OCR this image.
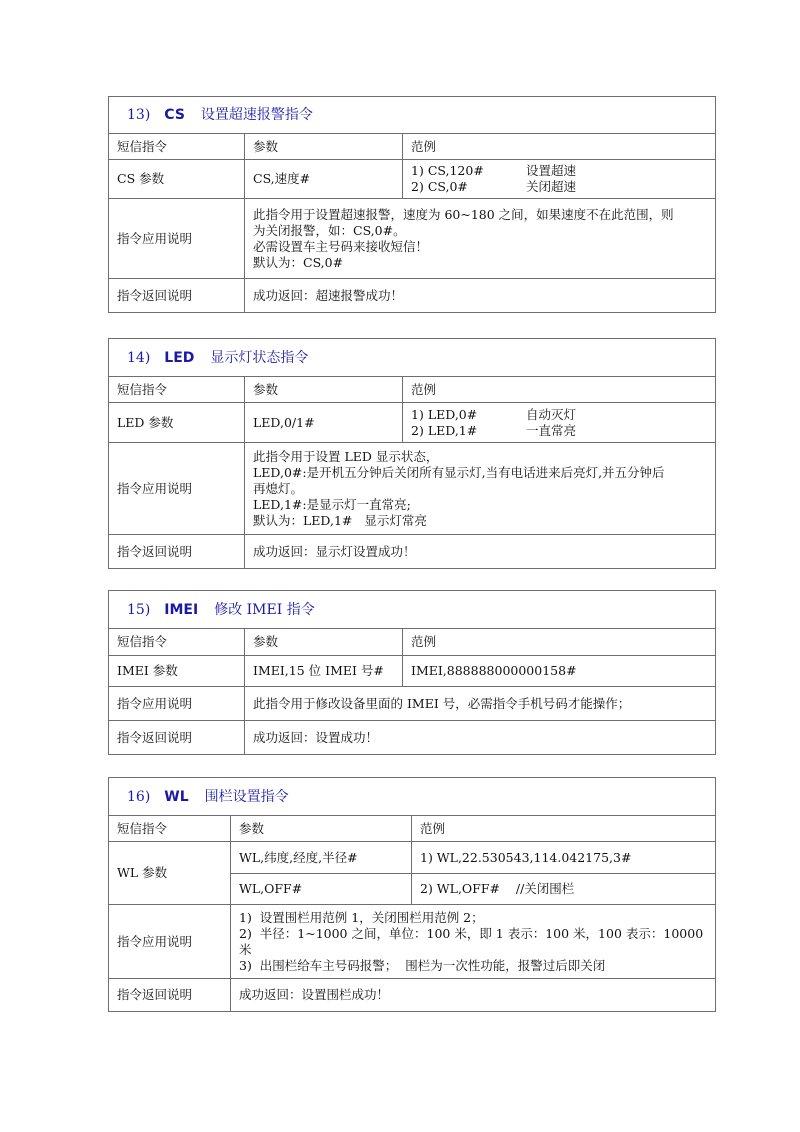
13) CS 设置超速报警指令		
短信指令	参数	范例
CS 参数	CS,速度#	1) CS,120# 设置超速
2) CS,0# 关闭超速

指令应用说明	此指令用于设置超速报警，速度为 60~180 之间，如果速度不在此范围，则
为关闭报警，如：CS,0#。
必需设置车主号码来接收短信！
默认为：CS,0#	

指令返回说明	成功返回：超速报警成功！	
14) LED 显示灯状态指令		
短信指令	参数	范例
LED 参数	LED,0/1#	1) LED,0# 自动灭灯
2) LED,1# 一直常亮

指令应用说明	此指令用于设置 LED 显示状态，
LED,0#:是开机五分钟后关闭所有显示灯,当有电话进来后亮灯,并五分钟后
再熄灯。
LED,1#:是显示灯一直常亮;
默认为：LED,1#   显示灯常亮	

指令返回说明	成功返回：显示灯设置成功！	
15) IMEI 修改 IMEI 指令		
短信指令	参数	范例
IMEI 参数	IMEI,15 位 IMEI 号#	IMEI,888888000000158#
指令应用说明	此指令用于修改设备里面的 IMEI 号，必需指令手机号码才能操作；	
指令返回说明	成功返回：设置成功！	
16) WL 围栏设置指令		
短信指令	参数	范例
WL 参数	WL,纬度,经度,半径#	1) WL,22.530543,114.042175,3#
	WL,OFF#	2) WL,OFF#    //关闭围栏
指令应用说明	1)  设置围栏用范例 1，关闭围栏用范例 2；
2)  半径：1~1000 之间，单位：100 米，即 1 表示：100 米，100 表示：10000
米
3)  出围栏给车主号码报警；  围栏为一次性功能，报警过后即关闭	

指令返回说明	成功返回：设置围栏成功！	
